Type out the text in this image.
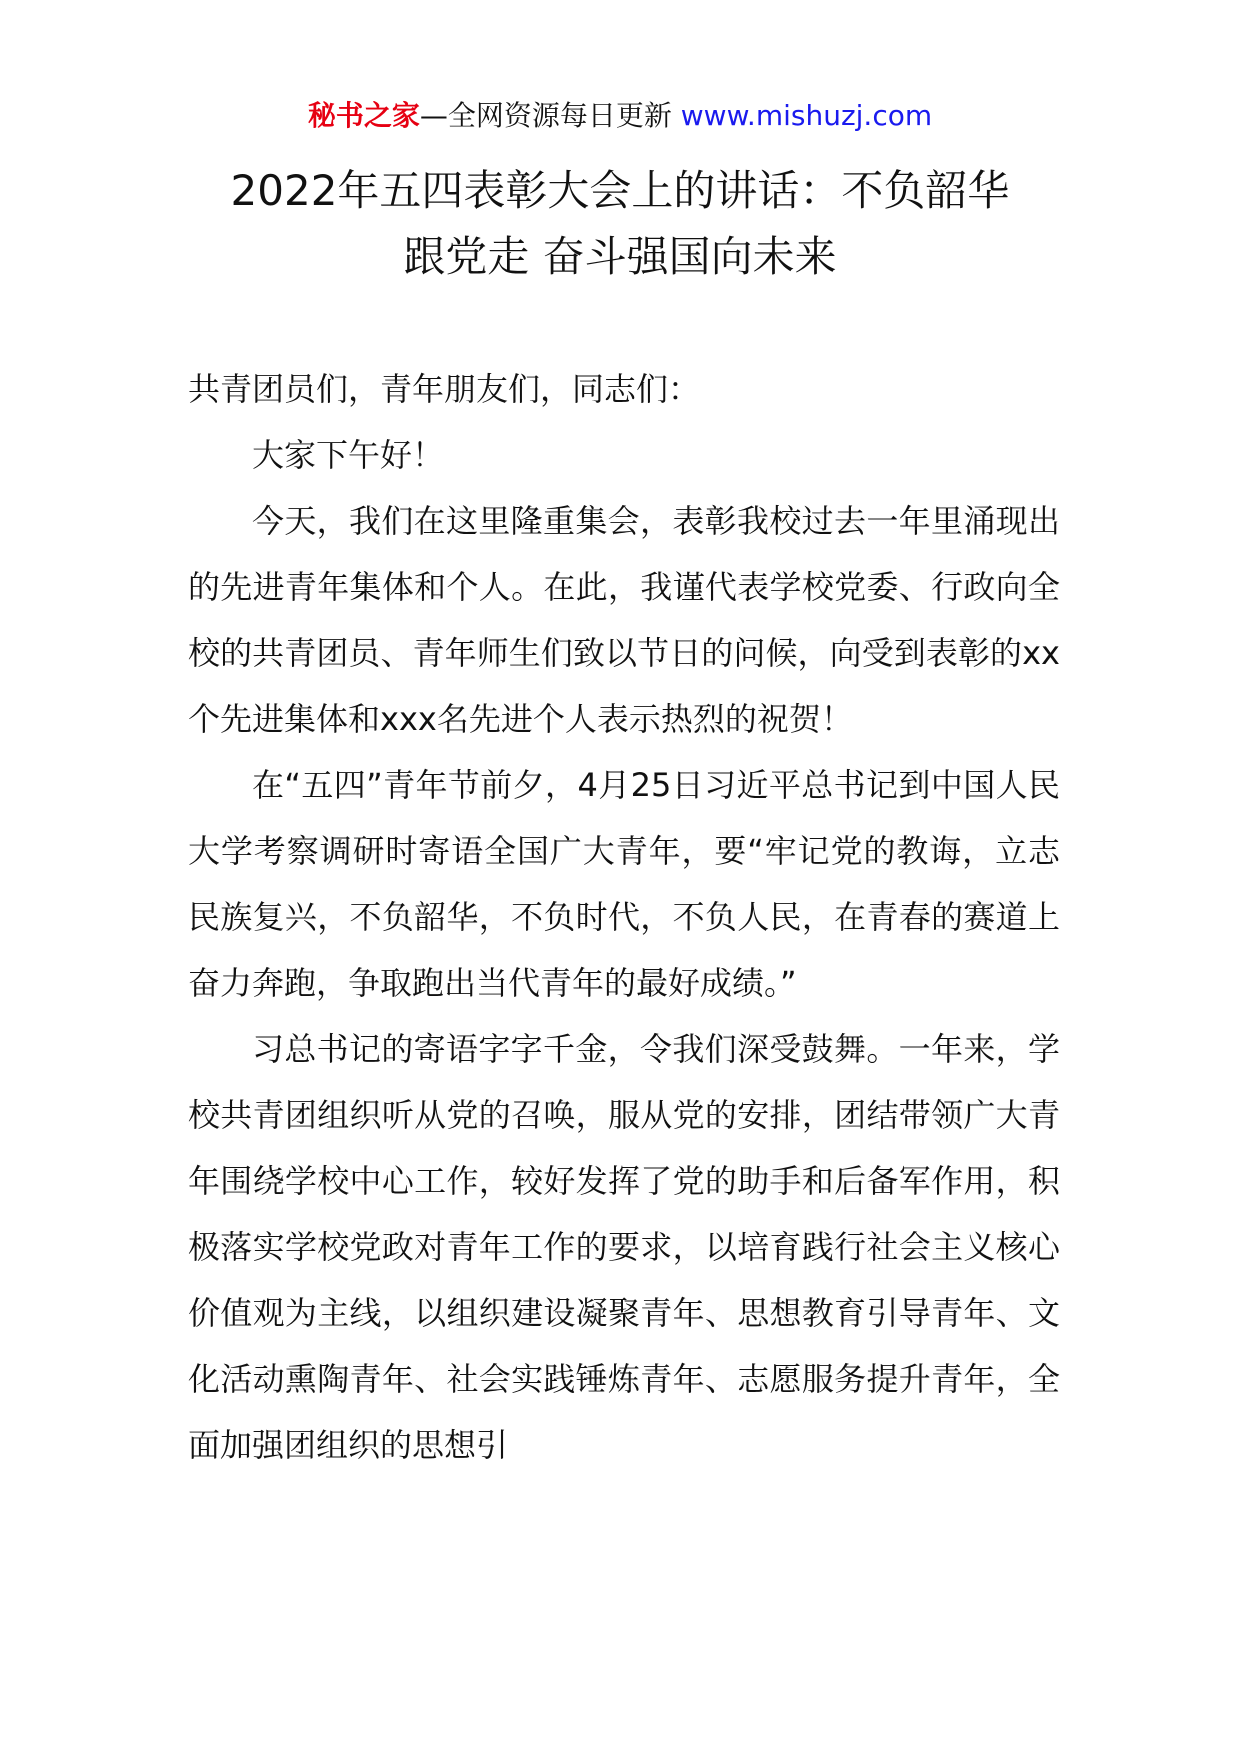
秘书之家—全网资源每日更新 www.mishuzj.com
2022年五四表彰大会上的讲话：不负韶华
跟党走 奋斗强国向未来

共青团员们，青年朋友们，同志们：

大家下午好！

今天，我们在这里隆重集会，表彰我校过去一年里涌现出的先进青年集体和个人。在此，我谨代表学校党委、行政向全校的共青团员、青年师生们致以节日的问候，向受到表彰的xx个先进集体和xxx名先进个人表示热烈的祝贺！

在“五四”青年节前夕，4月25日习近平总书记到中国人民大学考察调研时寄语全国广大青年，要“牢记党的教诲，立志民族复兴，不负韶华，不负时代，不负人民，在青春的赛道上奋力奔跑，争取跑出当代青年的最好成绩。”

习总书记的寄语字字千金，令我们深受鼓舞。一年来，学校共青团组织听从党的召唤，服从党的安排，团结带领广大青年围绕学校中心工作，较好发挥了党的助手和后备军作用，积极落实学校党政对青年工作的要求，以培育践行社会主义核心价值观为主线，以组织建设凝聚青年、思想教育引导青年、文化活动熏陶青年、社会实践锤炼青年、志愿服务提升青年，全面加强团组织的思想引
